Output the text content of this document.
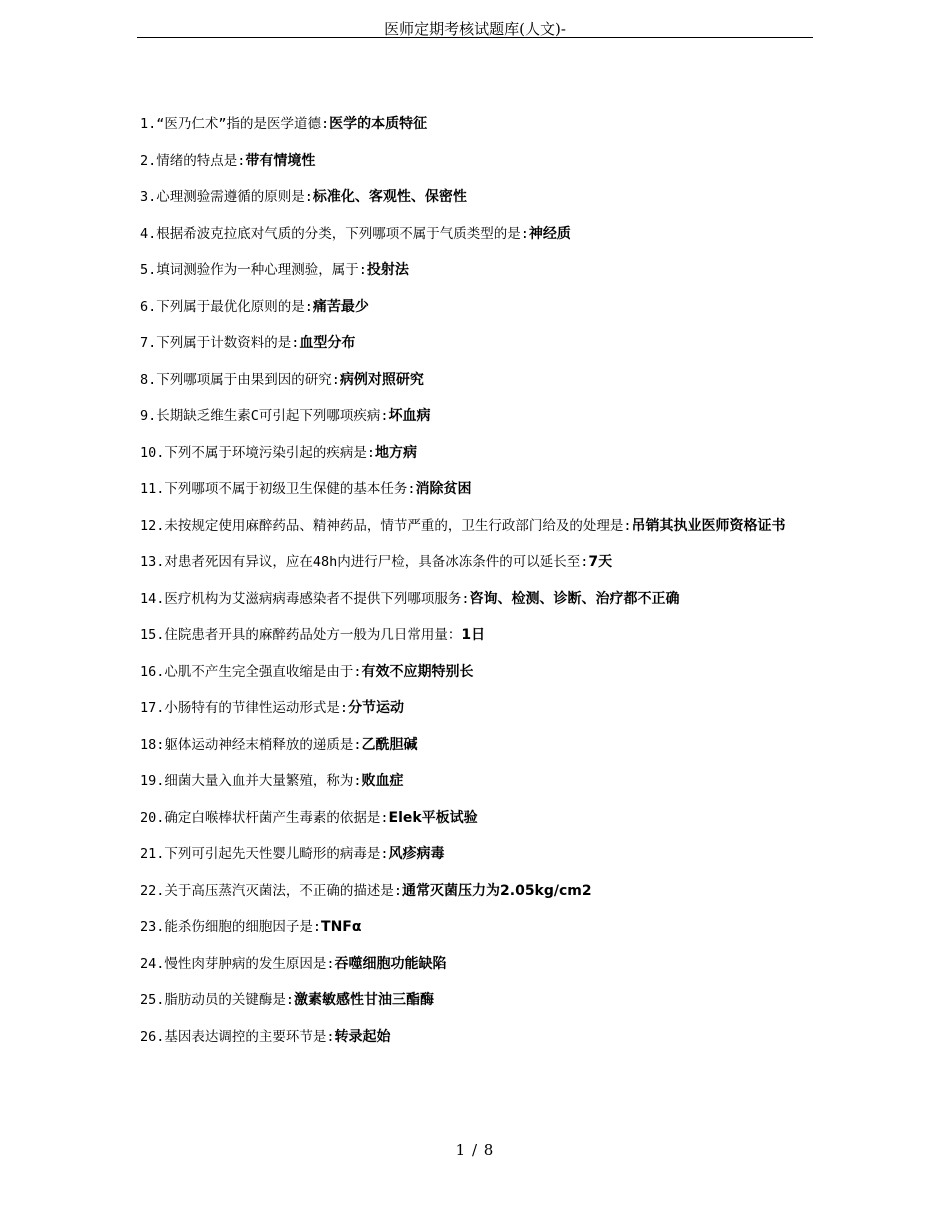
医师定期考核试题库(人文)-
1.“医乃仁术”指的是医学道德:医学的本质特征
2.情绪的特点是:带有情境性
3.心理测验需遵循的原则是:标准化、客观性、保密性
4.根据希波克拉底对气质的分类，下列哪项不属于气质类型的是:神经质
5.填词测验作为一种心理测验，属于:投射法
6.下列属于最优化原则的是:痛苦最少
7.下列属于计数资料的是:血型分布
8.下列哪项属于由果到因的研究:病例对照研究
9.长期缺乏维生素C可引起下列哪项疾病:坏血病
10.下列不属于环境污染引起的疾病是:地方病
11.下列哪项不属于初级卫生保健的基本任务:消除贫困
12.未按规定使用麻醉药品、精神药品，情节严重的，卫生行政部门给及的处理是:吊销其执业医师资格证书
13.对患者死因有异议，应在48h内进行尸检，具备冰冻条件的可以延长至:7天
14.医疗机构为艾滋病病毒感染者不提供下列哪项服务:咨询、检测、诊断、治疗都不正确
15.住院患者开具的麻醉药品处方一般为几日常用量：1日
16.心肌不产生完全强直收缩是由于:有效不应期特别长
17.小肠特有的节律性运动形式是:分节运动
18:躯体运动神经末梢释放的递质是:乙酰胆碱
19.细菌大量入血并大量繁殖，称为:败血症
20.确定白喉棒状杆菌产生毒素的依据是:Elek平板试验
21.下列可引起先天性婴儿畸形的病毒是:风疹病毒
22.关于高压蒸汽灭菌法，不正确的描述是:通常灭菌压力为2.05kg/cm2
23.能杀伤细胞的细胞因子是:TNFα
24.慢性肉芽肿病的发生原因是:吞噬细胞功能缺陷
25.脂肪动员的关键酶是:激素敏感性甘油三酯酶
26.基因表达调控的主要环节是:转录起始
1 / 8
